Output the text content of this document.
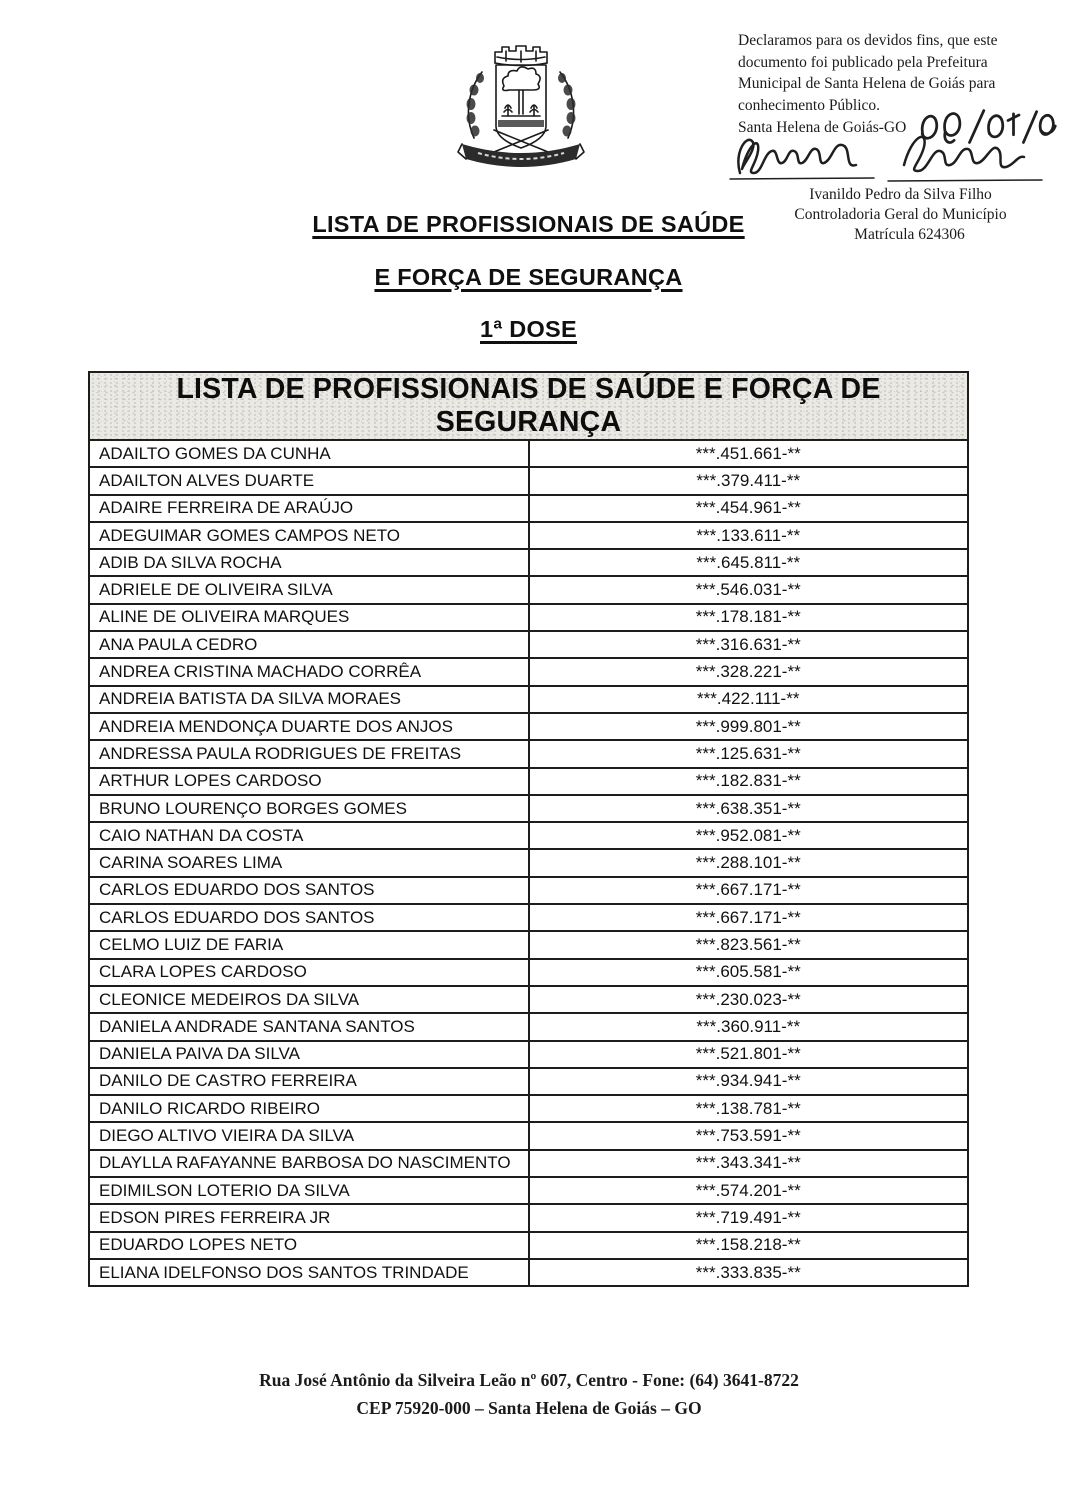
Declaramos para os devidos fins, que este
documento foi publicado pela Prefeitura
Municipal de Santa Helena de Goiás para
conhecimento Público.
Santa Helena de Goiás-GO
Ivanildo Pedro da Silva Filho
Controladoria Geral do Município
Matrícula 624306
LISTA DE PROFISSIONAIS DE SAÚDE
E FORÇA DE SEGURANÇA
1ª DOSE
LISTA DE PROFISSIONAIS DE SAÚDE E FORÇA DE SEGURANÇA	
ADAILTO GOMES DA CUNHA	***.451.661-**
ADAILTON ALVES DUARTE	***.379.411-**
ADAIRE FERREIRA DE ARAÚJO	***.454.961-**
ADEGUIMAR GOMES CAMPOS NETO	***.133.611-**
ADIB DA SILVA ROCHA	***.645.811-**
ADRIELE DE OLIVEIRA SILVA	***.546.031-**
ALINE DE OLIVEIRA MARQUES	***.178.181-**
ANA PAULA CEDRO	***.316.631-**
ANDREA CRISTINA MACHADO CORRÊA	***.328.221-**
ANDREIA BATISTA DA SILVA MORAES	***.422.111-**
ANDREIA MENDONÇA DUARTE DOS ANJOS	***.999.801-**
ANDRESSA PAULA RODRIGUES DE FREITAS	***.125.631-**
ARTHUR LOPES CARDOSO	***.182.831-**
BRUNO LOURENÇO BORGES GOMES	***.638.351-**
CAIO NATHAN DA COSTA	***.952.081-**
CARINA SOARES LIMA	***.288.101-**
CARLOS EDUARDO DOS SANTOS	***.667.171-**
CARLOS EDUARDO DOS SANTOS	***.667.171-**
CELMO LUIZ DE FARIA	***.823.561-**
CLARA LOPES CARDOSO	***.605.581-**
CLEONICE MEDEIROS DA SILVA	***.230.023-**
DANIELA ANDRADE SANTANA SANTOS	***.360.911-**
DANIELA PAIVA DA SILVA	***.521.801-**
DANILO DE CASTRO FERREIRA	***.934.941-**
DANILO RICARDO RIBEIRO	***.138.781-**
DIEGO ALTIVO VIEIRA DA SILVA	***.753.591-**
DLAYLLA RAFAYANNE BARBOSA DO NASCIMENTO	***.343.341-**
EDIMILSON LOTERIO DA SILVA	***.574.201-**
EDSON PIRES FERREIRA JR	***.719.491-**
EDUARDO LOPES NETO	***.158.218-**
ELIANA IDELFONSO DOS SANTOS TRINDADE	***.333.835-**
Rua José Antônio da Silveira Leão nº 607, Centro - Fone: (64) 3641-8722
CEP 75920-000 – Santa Helena de Goiás – GO
